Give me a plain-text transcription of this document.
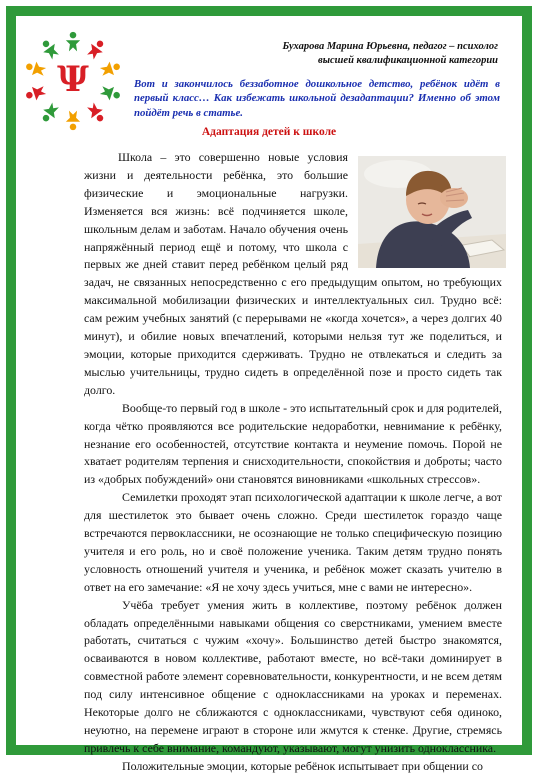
Ψ
Бухарова Марина Юрьевна, педагог – психолог
высшей квалификационной категории
Вот и закончилось беззаботное дошкольное детство, ребёнок идёт в первый класс… Как избежать школьной дезадаптации? Именно об этом пойдёт речь в статье.
Адаптация детей к школе

Школа – это совершенно новые условия жизни и деятельности ребёнка, это большие физические и эмоциональные нагрузки. Изменяется вся жизнь: всё подчиняется школе, школьным делам и заботам. Начало обучения очень напряжённый период ещё и потому, что школа с первых же дней ставит перед ребёнком целый ряд задач, не связанных непосредственно с его предыдущим опытом, но требующих максимальной мобилизации физических и интеллектуальных сил. Трудно всё: сам режим учебных занятий (с перерывами не «когда хочется», а через долгих 40 минут), и обилие новых впечатлений, которыми нельзя тут же поделиться, и эмоции, которые приходится сдерживать. Трудно не отвлекаться и следить за мыслью учительницы, трудно сидеть в определённой позе и просто сидеть так долго.

Вообще-то первый год в школе - это испытательный срок и для родителей, когда чётко проявляются все родительские недоработки, невнимание к ребёнку, незнание его особенностей, отсутствие контакта и неумение помочь. Порой не хватает родителям терпения и снисходительности, спокойствия и доброты; часто из «добрых побуждений» они становятся виновниками «школьных стрессов».

Семилетки проходят этап психологической адаптации к школе легче, а вот для шестилеток это бывает очень сложно. Среди шестилеток гораздо чаще встречаются первоклассники, не осознающие не только специфическую позицию учителя и его роль, но и своё положение ученика. Таким детям трудно понять условность отношений учителя и ученика, и ребёнок может сказать учителю в ответ на его замечание: «Я не хочу здесь учиться, мне с вами не интересно».

Учёба требует умения жить в коллективе, поэтому ребёнок должен обладать определёнными навыками общения со сверстниками, умением вместе работать, считаться с чужим «хочу». Большинство детей быстро знакомятся, осваиваются в новом коллективе, работают вместе, но всё-таки доминирует в совместной работе элемент соревновательности, конкурентности, и не всем детям под силу интенсивное общение с одноклассниками на уроках и переменах. Некоторые долго не сближаются с одноклассниками, чувствуют себя одиноко, неуютно, на перемене играют в стороне или жмутся к стенке. Другие, стремясь привлечь к себе внимание, командуют, указывают, могут унизить одноклассника.

Положительные эмоции, которые ребёнок испытывает при общении со
